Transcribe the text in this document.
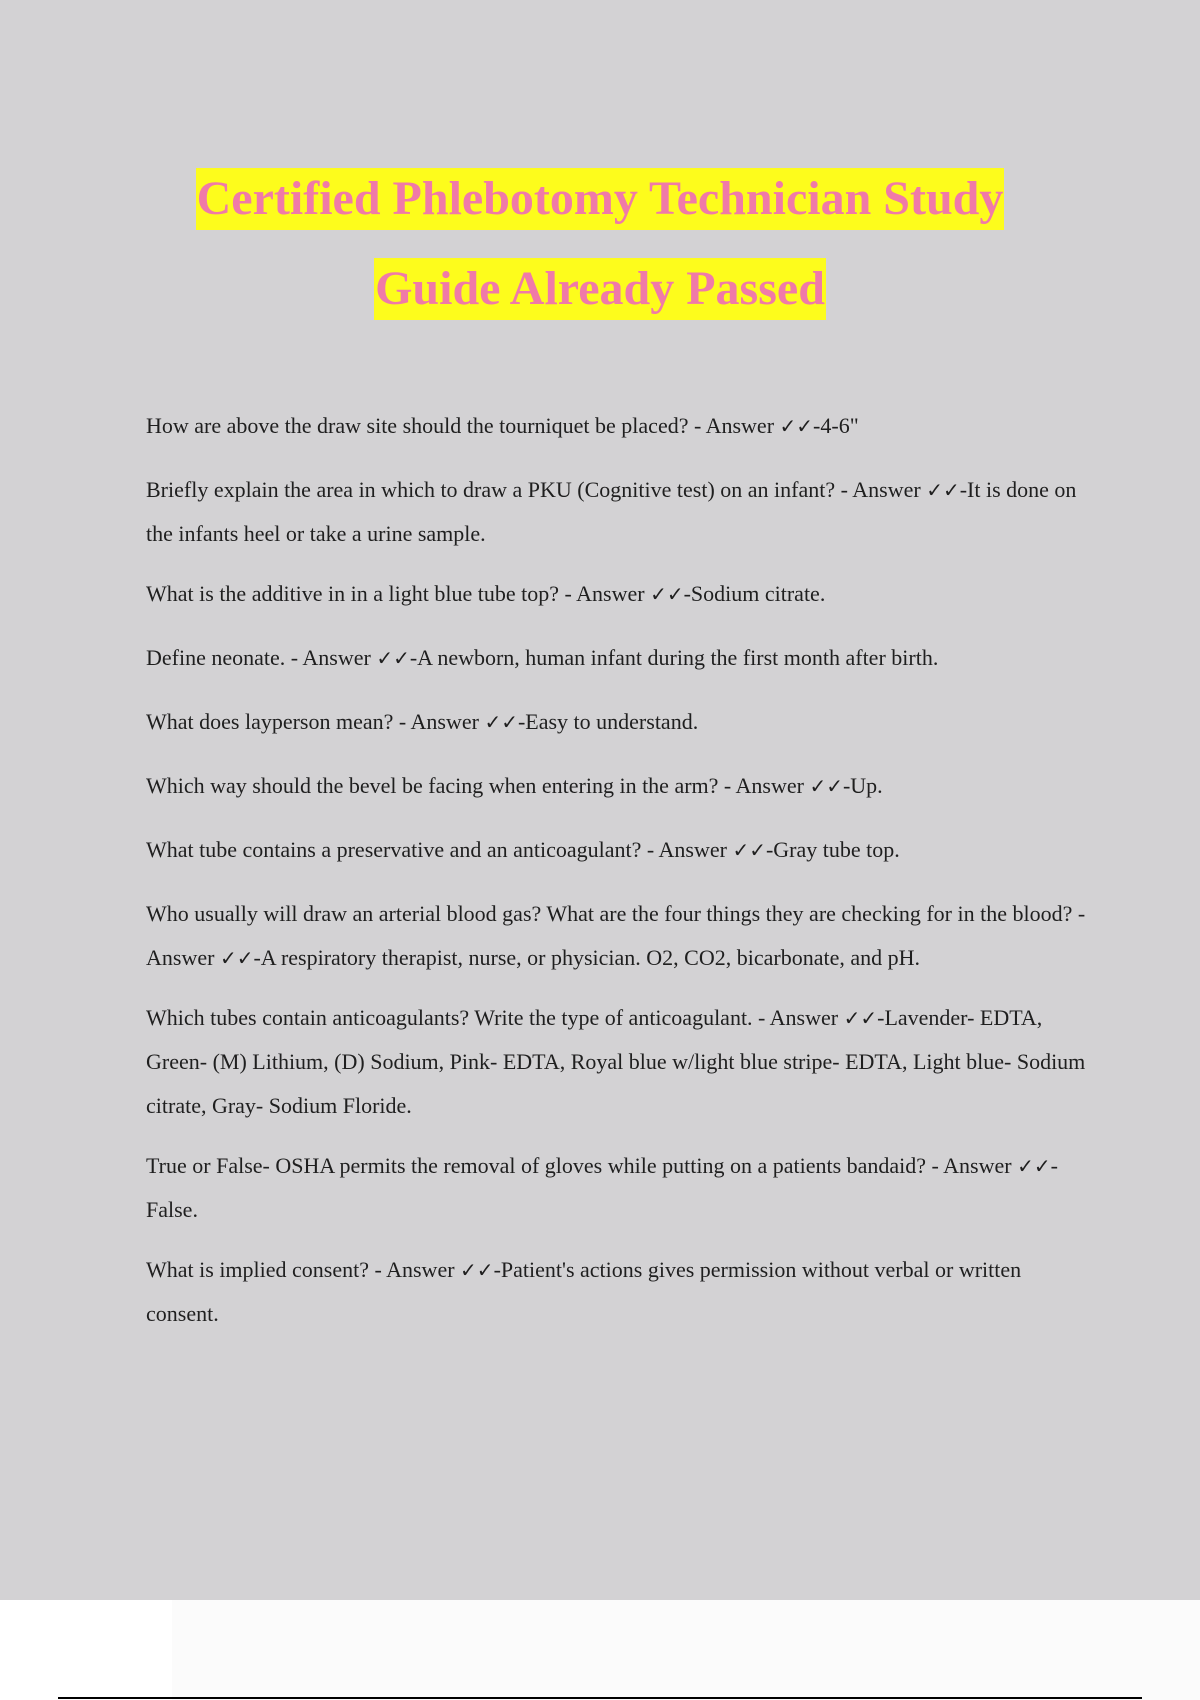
Certified Phlebotomy Technician Study
Guide Already Passed

How are above the draw site should the tourniquet be placed? - Answer ✓✓-4-6"

Briefly explain the area in which to draw a PKU (Cognitive test) on an infant? - Answer ✓✓-It is done on the infants heel or take a urine sample.

What is the additive in in a light blue tube top? - Answer ✓✓-Sodium citrate.

Define neonate. - Answer ✓✓-A newborn, human infant during the first month after birth.

What does layperson mean? - Answer ✓✓-Easy to understand.

Which way should the bevel be facing when entering in the arm? - Answer ✓✓-Up.

What tube contains a preservative and an anticoagulant? - Answer ✓✓-Gray tube top.

Who usually will draw an arterial blood gas? What are the four things they are checking for in the blood? - Answer ✓✓-A respiratory therapist, nurse, or physician. O2, CO2, bicarbonate, and pH.

Which tubes contain anticoagulants? Write the type of anticoagulant. - Answer ✓✓-Lavender- EDTA, Green- (M) Lithium, (D) Sodium, Pink- EDTA, Royal blue w/light blue stripe- EDTA, Light blue- Sodium citrate, Gray- Sodium Floride.

True or False- OSHA permits the removal of gloves while putting on a patients bandaid? - Answer ✓✓-False.

What is implied consent? - Answer ✓✓-Patient's actions gives permission without verbal or written consent.
